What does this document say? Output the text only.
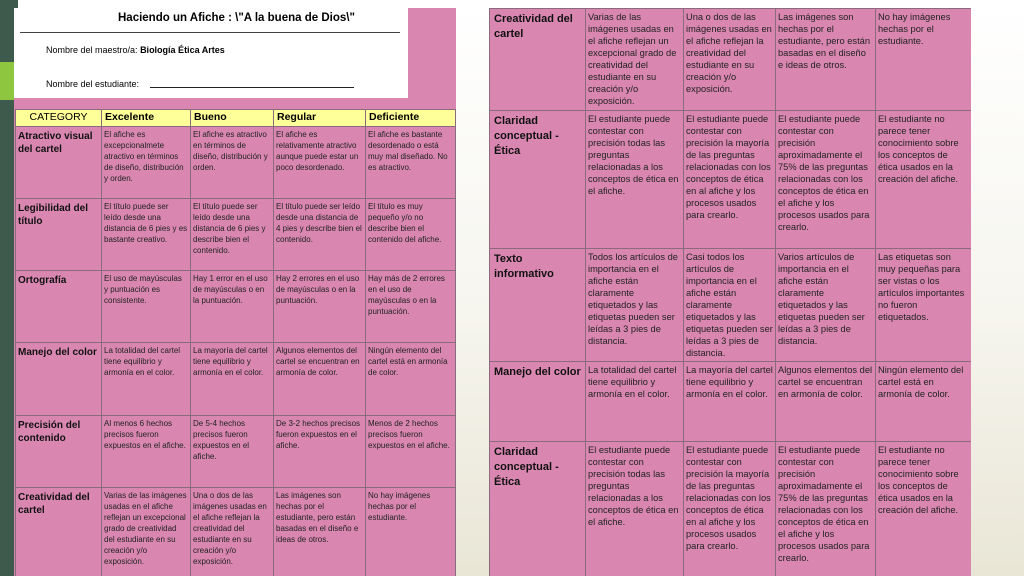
Haciendo un Afiche : \"A la buena de Dios\"
Nombre del maestro/a: Biología Ética Artes
Nombre del estudiante:
CATEGORY	Excelente	Bueno	Regular	Deficiente
Atractivo visual del cartel	El afiche es excepcionalmete atractivo en términos de diseño, distribución y orden.	El afiche es atractivo en términos de diseño, distribución y orden.	El afiche es relativamente atractivo aunque puede estar un poco desordenado.	El afiche es bastante desordenado o está muy mal diseñado. No es atractivo.
Legibilidad del título	El título puede ser leído desde una distancia de 6 pies y es bastante creativo.	El título puede ser leído desde una distancia de 6 pies y describe bien el contenido.	El título puede ser leído desde una distancia de 4 pies y describe bien el contenido.	El título es muy pequeño y/o no describe bien el contenido del afiche.
Ortografía	El uso de mayúsculas y puntuación es consistente.	Hay 1 error en el uso de mayúsculas o en la puntuación.	Hay 2 errores en el uso de mayúsculas o en la puntuación.	Hay más de 2 errores en el uso de mayúsculas o en la puntuación.
Manejo del color	La totalidad del cartel tiene equilibrio y armonía en el color.	La mayoría del cartel tiene equilibrio y armonía en el color.	Algunos elementos del cartel se encuentran en armonía de color.	Ningún elemento del cartel está en armonía de color.
Precisión del contenido	Al menos 6 hechos precisos fueron expuestos en el afiche.	De 5-4 hechos precisos fueron expuestos en el afiche.	De 3-2 hechos precisos fueron expuestos en el afiche.	Menos de 2 hechos precisos fueron expuestos en el afiche.
Creatividad del cartel	Varias de las imágenes usadas en el afiche reflejan un excepcional grado de creatividad del estudiante en su creación y/o exposición.	Una o dos de las imágenes usadas en el afiche reflejan la creatividad del estudiante en su creación y/o exposición.	Las imágenes son hechas por el estudiante, pero están basadas en el diseño e ideas de otros.	No hay imágenes hechas por el estudiante.
Creatividad del cartel	Varias de las imágenes usadas en el afiche reflejan un excepcional grado de creatividad del estudiante en su creación y/o exposición.	Una o dos de las imágenes usadas en el afiche reflejan la creatividad del estudiante en su creación y/o exposición.	Las imágenes son hechas por el estudiante, pero están basadas en el diseño e ideas de otros.	No hay imágenes hechas por el estudiante.
Claridad conceptual - Ética	El estudiante puede contestar con precisión todas las preguntas relacionadas a los conceptos de ética en el afiche.	El estudiante puede contestar con precisión la mayoría de las preguntas relacionadas con los conceptos de ética en al afiche y los procesos usados para crearlo.	El estudiante puede contestar con precisión aproximadamente el 75% de las preguntas relacionadas con los conceptos de ética en el afiche y los procesos usados para crearlo.	El estudiante no parece tener conocimiento sobre los conceptos de ética usados en la creación del afiche.
Texto informativo	Todos los artículos de importancia en el afiche están claramente etiquetados y las etiquetas pueden ser leídas a 3 pies de distancia.	Casi todos los artículos de importancia en el afiche están claramente etiquetados y las etiquetas pueden ser leídas a 3 pies de distancia.	Varios artículos de importancia en el afiche están claramente etiquetados y las etiquetas pueden ser leídas a 3 pies de distancia.	Las etiquetas son muy pequeñas para ser vistas o los artículos importantes no fueron etiquetados.
Manejo del color	La totalidad del cartel tiene equilibrio y armonía en el color.	La mayoría del cartel tiene equilibrio y armonía en el color.	Algunos elementos del cartel se encuentran en armonía de color.	Ningún elemento del cartel está en armonía de color.
Claridad conceptual - Ética	El estudiante puede contestar con precisión todas las preguntas relacionadas a los conceptos de ética en el afiche.	El estudiante puede contestar con precisión la mayoría de las preguntas relacionadas con los conceptos de ética en al afiche y los procesos usados para crearlo.	El estudiante puede contestar con precisión aproximadamente el 75% de las preguntas relacionadas con los conceptos de ética en el afiche y los procesos usados para crearlo.	El estudiante no parece tener conocimiento sobre los conceptos de ética usados en la creación del afiche.
